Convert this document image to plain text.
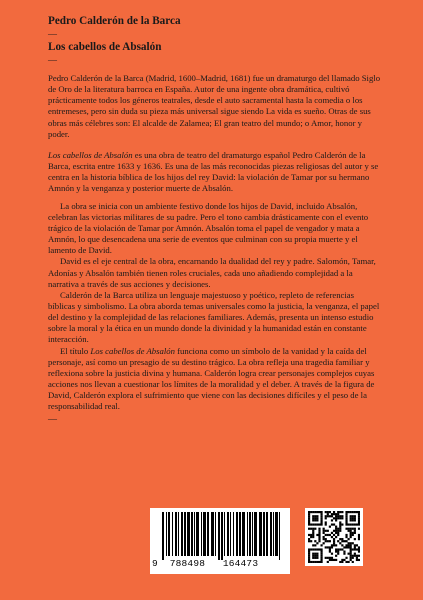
Pedro Calderón de la Barca
—
Los cabellos de Absalón
—
Pedro Calderón de la Barca (Madrid, 1600–Madrid, 1681) fue un dramaturgo del llamado Siglo de Oro de la literatura barroca en España. Autor de una ingente obra dramática, cultivó prácticamente todos los géneros teatrales, desde el auto sacramental hasta la comedia o los entremeses, pero sin duda su pieza más universal sigue siendo La vida es sueño. Otras de sus obras más célebres son: El alcalde de Zalamea; El gran teatro del mundo; o Amor, honor y poder.
Los cabellos de Absalón es una obra de teatro del dramaturgo español Pedro Calderón de la Barca, escrita entre 1633 y 1636. Es una de las más reconocidas piezas religiosas del autor y se centra en la historia bíblica de los hijos del rey David: la violación de Tamar por su hermano Amnón y la venganza y posterior muerte de Absalón.
La obra se inicia con un ambiente festivo donde los hijos de David, incluido Absalón, celebran las victorias militares de su padre. Pero el tono cambia drásticamente con el evento trágico de la violación de Tamar por Amnón. Absalón toma el papel de vengador y mata a Amnón, lo que desencadena una serie de eventos que culminan con su propia muerte y el lamento de David.
David es el eje central de la obra, encarnando la dualidad del rey y padre. Salomón, Tamar, Adonías y Absalón también tienen roles cruciales, cada uno añadiendo complejidad a la narrativa a través de sus acciones y decisiones.
Calderón de la Barca utiliza un lenguaje majestuoso y poético, repleto de referencias bíblicas y simbolismo. La obra aborda temas universales como la justicia, la venganza, el papel del destino y la complejidad de las relaciones familiares. Además, presenta un intenso estudio sobre la moral y la ética en un mundo donde la divinidad y la humanidad están en constante interacción.
El título Los cabellos de Absalón funciona como un símbolo de la vanidad y la caída del personaje, así como un presagio de su destino trágico. La obra refleja una tragedia familiar y reflexiona sobre la justicia divina y humana. Calderón logra crear personajes complejos cuyas acciones nos llevan a cuestionar los límites de la moralidad y el deber. A través de la figura de David, Calderón explora el sufrimiento que viene con las decisiones difíciles y el peso de la responsabilidad real.
—
9 788498 164473
